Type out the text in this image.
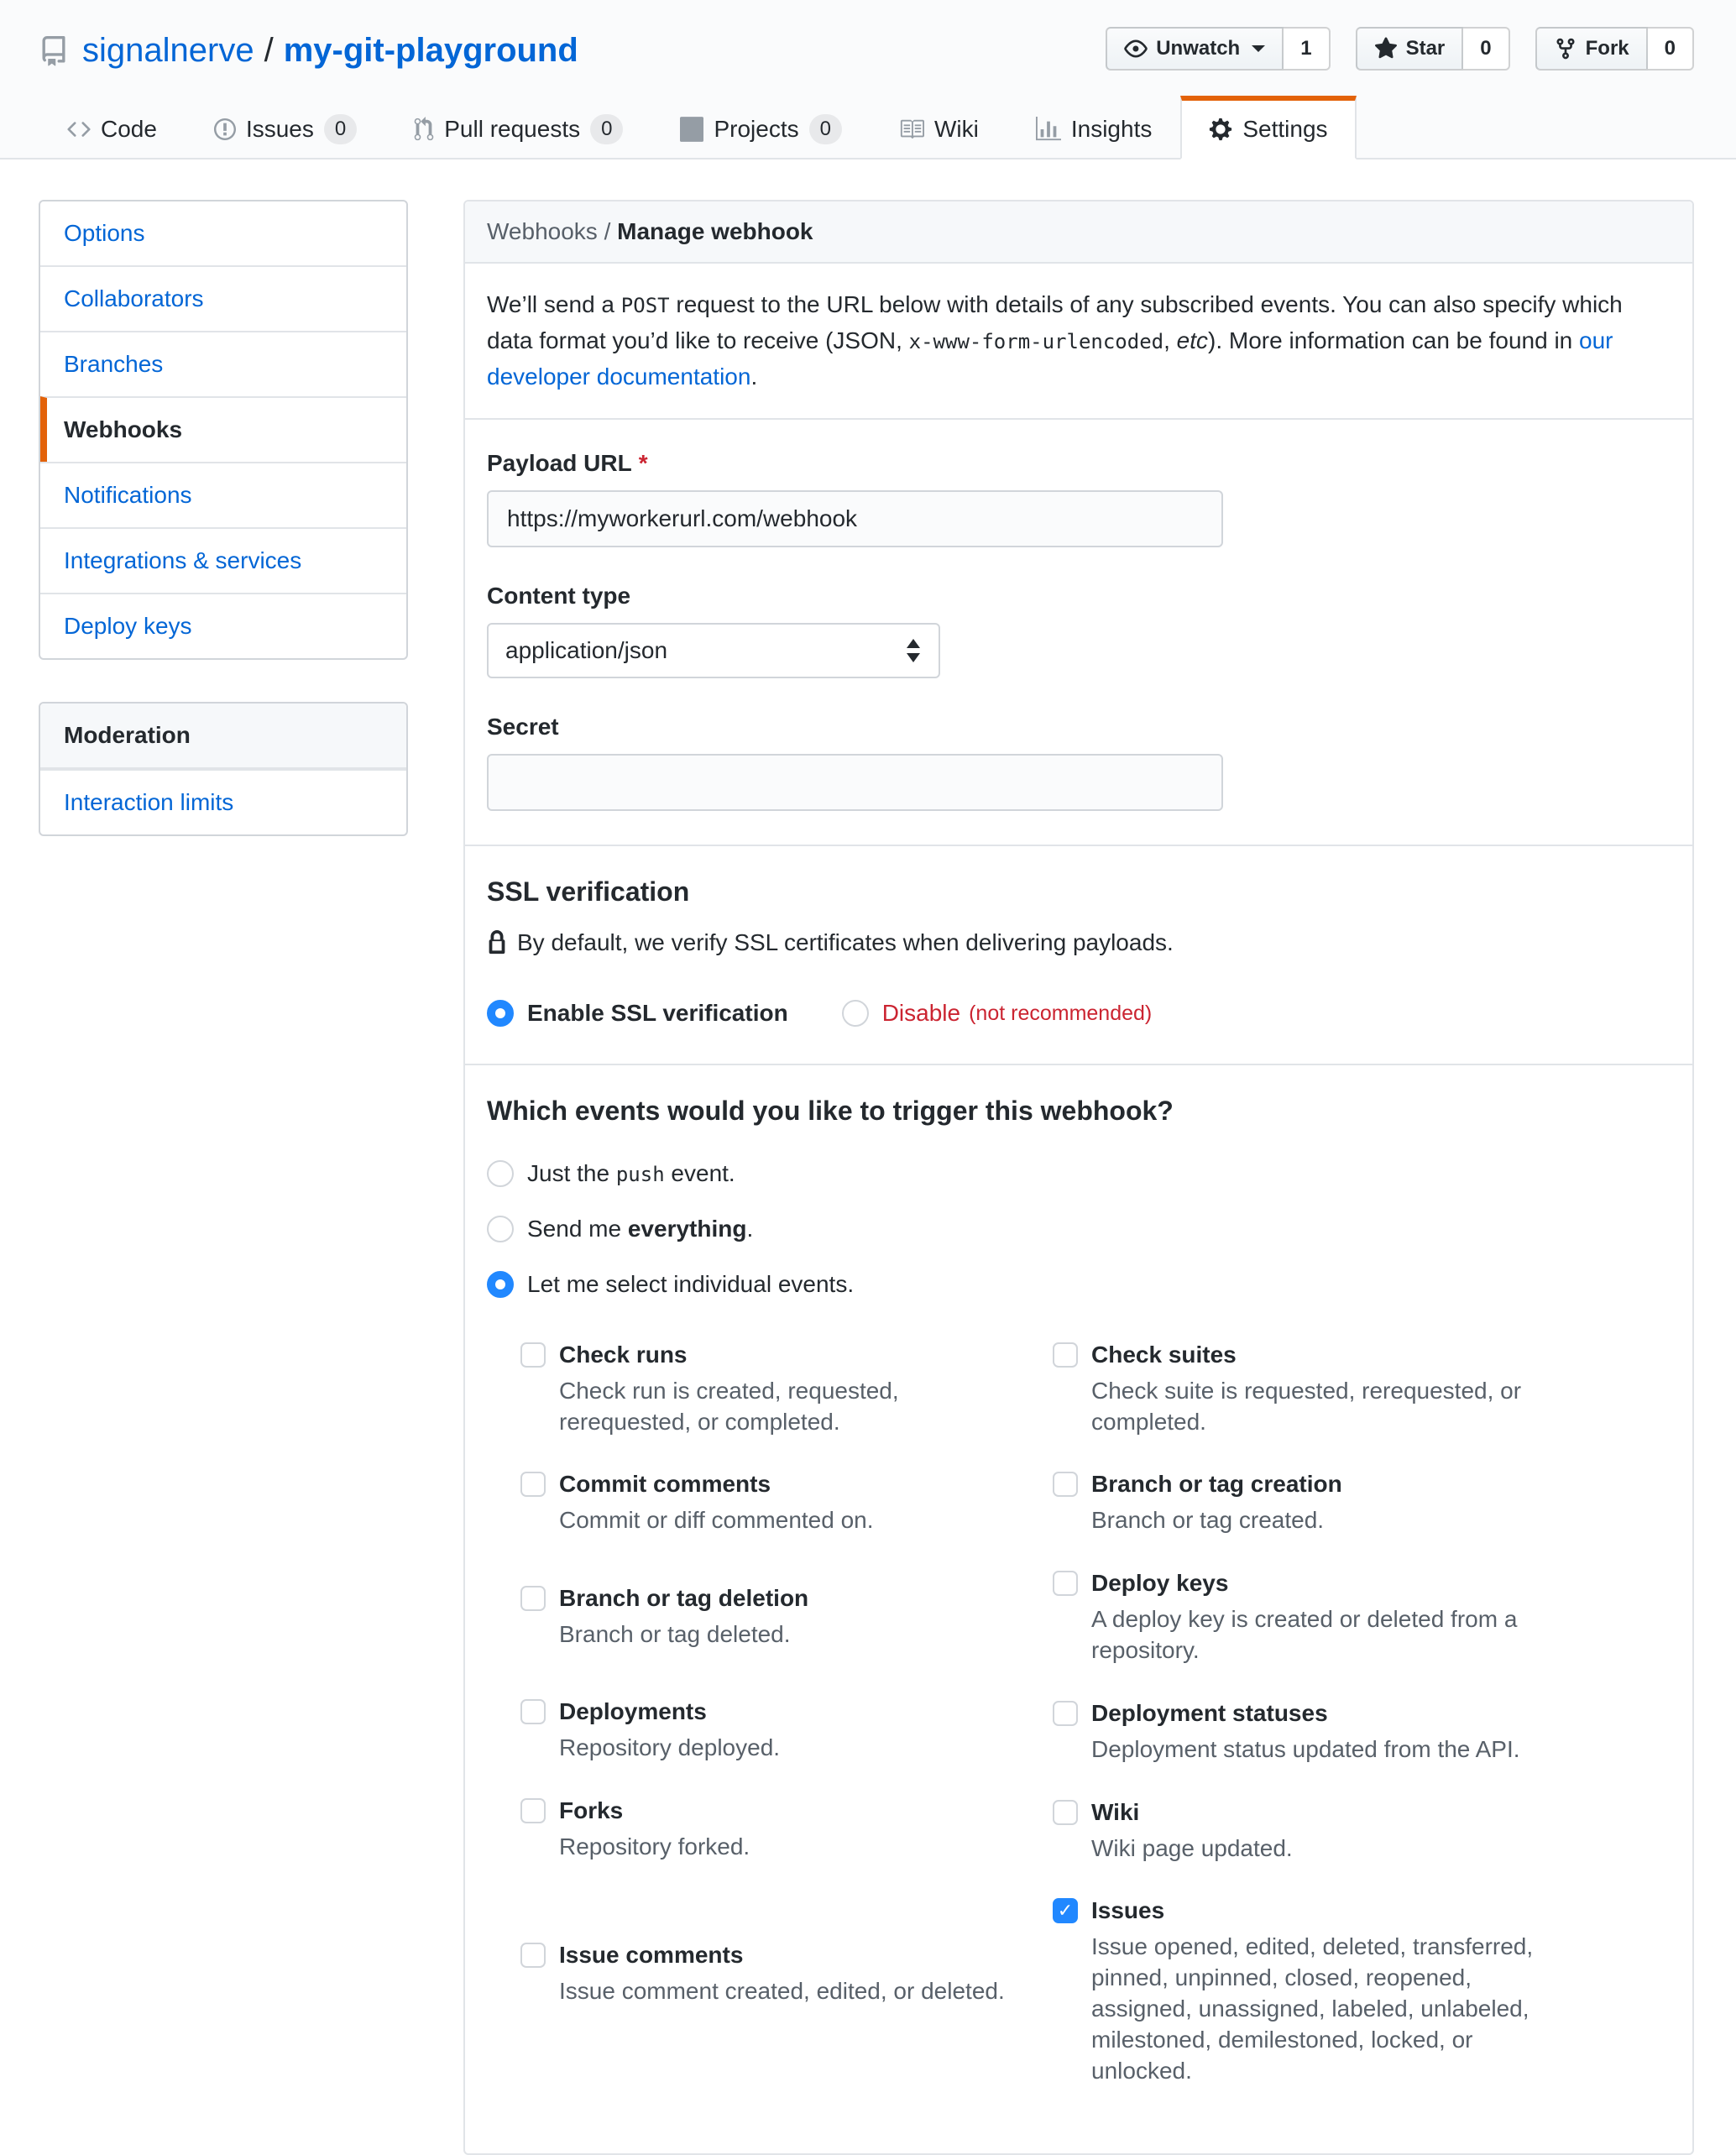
signalnerve / my-git-playground	Unwatch	1	Star	0	Fork	0
Code	Issues	0	Pull requests	0	Projects	0	Wiki	Insights	Settings
Options
Collaborators
Branches
Webhooks
Notifications
Integrations & services
Deploy keys
Moderation
Interaction limits
Webhooks / Manage webhook

We’ll send a POST request to the URL below with details of any subscribed events. You can also specify which data format you’d like to receive (JSON, x-www-form-urlencoded, etc). More information can be found in our developer documentation.

Payload URL *
https://myworkerurl.com/webhook
Content type
application/json
Secret
SSL verification
By default, we verify SSL certificates when delivering payloads.
Enable SSL verification	Disable (not recommended)
Which events would you like to trigger this webhook?
Just the push event.
Send me everything.
Let me select individual events.
Check runs
Check run is created, requested, rerequested, or completed.
Commit comments
Commit or diff commented on.
Branch or tag deletion
Branch or tag deleted.
Deployments
Repository deployed.
Forks
Repository forked.
Issue comments
Issue comment created, edited, or deleted.
Check suites
Check suite is requested, rerequested, or completed.
Branch or tag creation
Branch or tag created.
Deploy keys
A deploy key is created or deleted from a repository.
Deployment statuses
Deployment status updated from the API.
Wiki
Wiki page updated.
✓
Issues
Issue opened, edited, deleted, transferred, pinned, unpinned, closed, reopened, assigned, unassigned, labeled, unlabeled, milestoned, demilestoned, locked, or unlocked.
